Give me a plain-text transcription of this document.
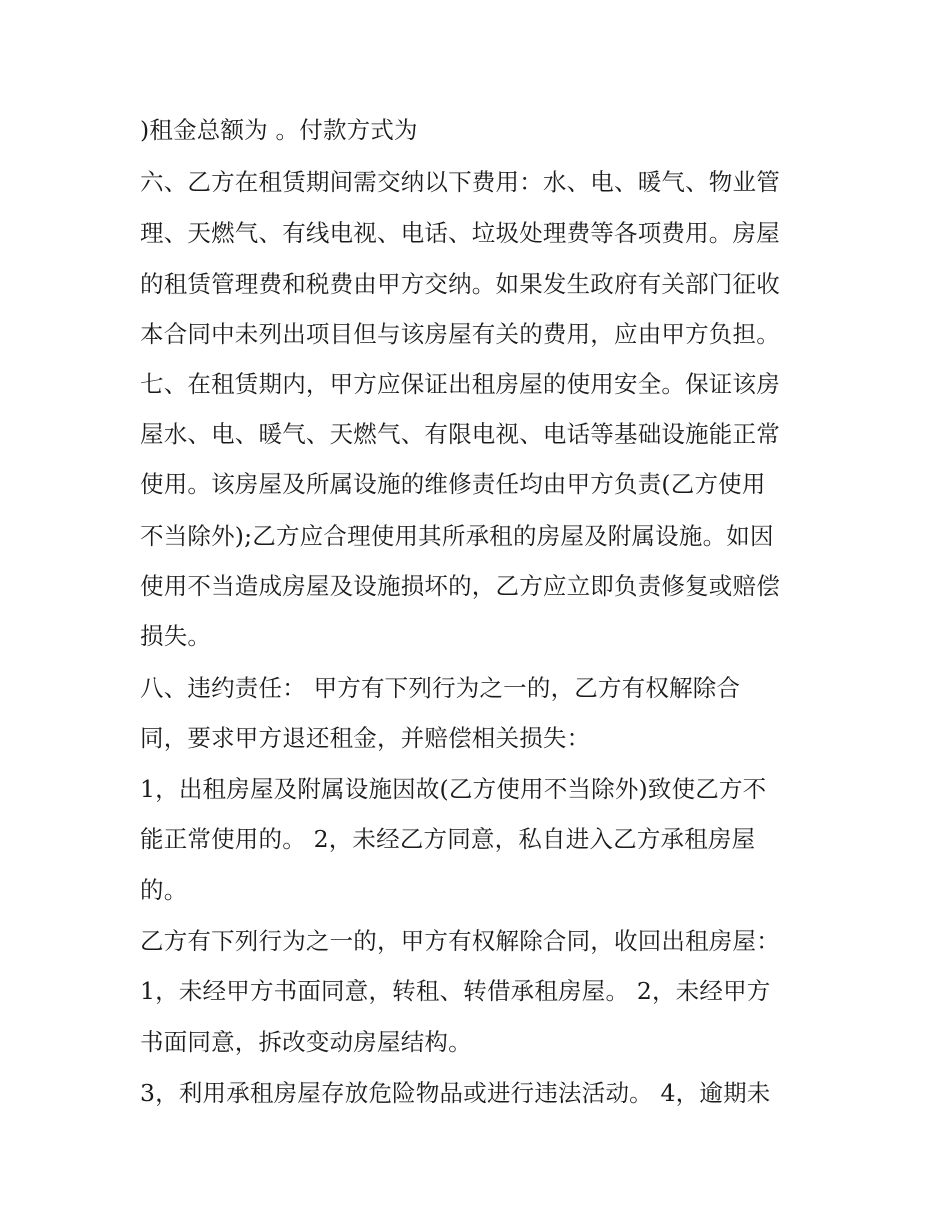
)租金总额为 。付款方式为

六、乙方在租赁期间需交纳以下费用：水、电、暖气、物业管

理、天燃气、有线电视、电话、垃圾处理费等各项费用。房屋

的租赁管理费和税费由甲方交纳。如果发生政府有关部门征收

本合同中未列出项目但与该房屋有关的费用，应由甲方负担。

七、在租赁期内，甲方应保证出租房屋的使用安全。保证该房

屋水、电、暖气、天燃气、有限电视、电话等基础设施能正常

使用。该房屋及所属设施的维修责任均由甲方负责(乙方使用

不当除外);乙方应合理使用其所承租的房屋及附属设施。如因

使用不当造成房屋及设施损坏的，乙方应立即负责修复或赔偿

损失。

八、违约责任： 甲方有下列行为之一的，乙方有权解除合

同，要求甲方退还租金，并赔偿相关损失：

1，出租房屋及附属设施因故(乙方使用不当除外)致使乙方不

能正常使用的。 2，未经乙方同意，私自进入乙方承租房屋

的。

乙方有下列行为之一的，甲方有权解除合同，收回出租房屋：

1，未经甲方书面同意，转租、转借承租房屋。 2，未经甲方

书面同意，拆改变动房屋结构。

3，利用承租房屋存放危险物品或进行违法活动。 4，逾期未
